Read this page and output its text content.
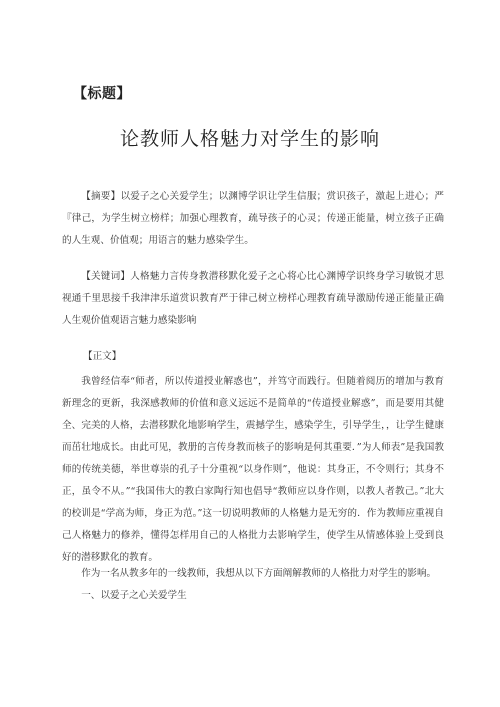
【标题】
论教师人格魅力对学生的影响
【摘要】以爱子之心关爱学生；以渊博学识让学生信服；赏识孩子，激起上进心；严『律己，为学生树立榜样；加强心理教育，疏导孩子的心灵；传递正能量，树立孩子正确的人生观、价值观；用语言的魅力感染学生。
【关键词】人格魅力言传身教潜移默化爱子之心将心比心渊博学识终身学习敏锐才思视通千里思接千我津津乐道赏识教育严于律己树立榜样心理教育疏导激励传递正能量正确人生观价值观语言魅力感染影响
【正文】
我曾经信奉“师者，所以传道授业解惑也”，并笃守而践行。但随着阅历的增加与教育新理念的更新，我深感教师的价值和意义远远不是简单的“传道授业解惑”，而是要用其健全、完美的人格，去潜移默化地影响学生，震撼学生，感染学生，引导学生，，让学生健康而茁壮地成长。由此可见，教册的言传身教而核子的影响是何其重要．”为人师表”是我国教师的传统美德，举世尊崇的孔子十分重视“以身作则”，他说：其身正，不令则行；其身不正，虽令不从。”“我国伟大的教白家陶行知也倡导“教师应以身作则，以教人者教己。”北大的校训是“学高为师，身正为范。”这一切说明教师的人格魅力是无穷的．作为教师应重视自己人格魅力的修养，懂得怎样用自己的人格批力去影响学生，使学生从情感体验上受到良好的潜移默化的教育。
作为一名从教多年的一线教师，我想从以下方面阐解教师的人格批力对学生的影响。
一、以爱子之心关爱学生
